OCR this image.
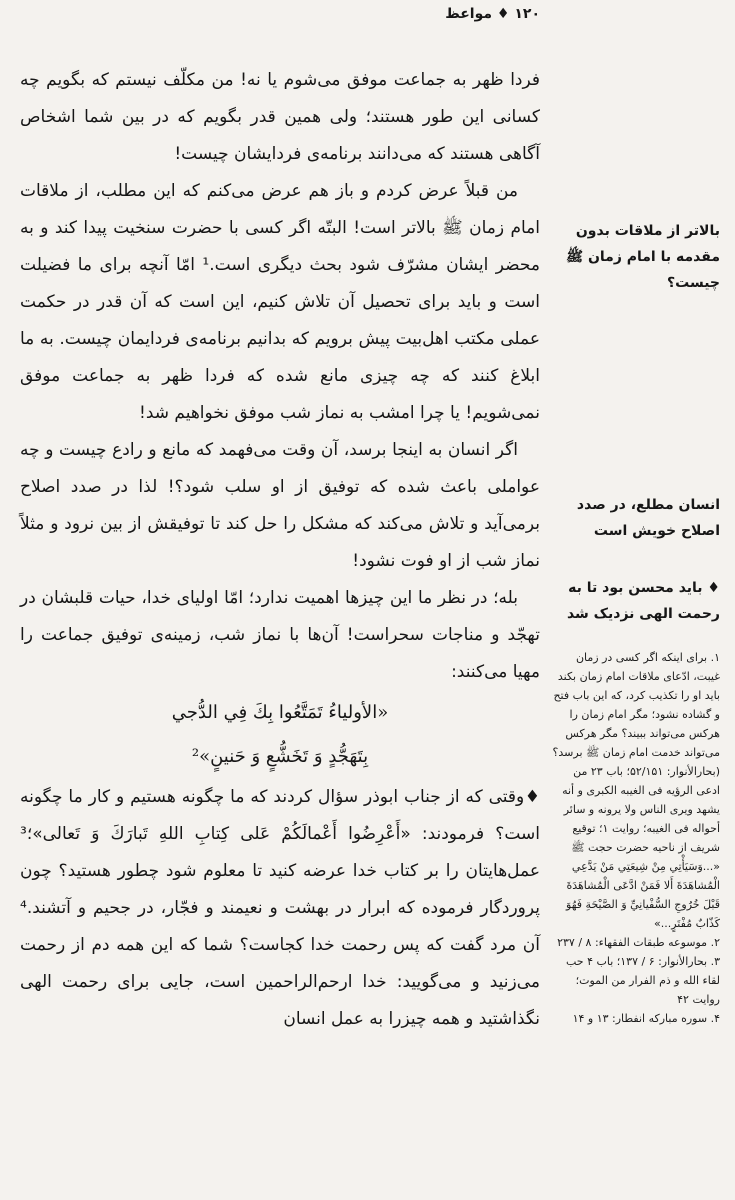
۱۲۰ ♦ مواعظ

فردا ظهر به جماعت موفق می‌شوم یا نه! من مکلّف نیستم که بگویم چه کسانی این طور هستند؛ ولی همین قدر بگویم که در بین شما اشخاص آگاهی هستند که می‌دانند برنامه‌ی فردایشان چیست!

من قبلاً عرض کردم و باز هم عرض می‌کنم که این مطلب، از ملاقات امام زمان ﷺ بالاتر است! البتّه اگر کسی با حضرت سنخیت پیدا کند و به محضر ایشان مشرّف شود بحث دیگری است.¹ امّا آنچه برای ما فضیلت است و باید برای تحصیل آن تلاش کنیم، این است که آن قدر در حکمت عملی مکتب اهل‌بیت پیش برویم که بدانیم برنامه‌ی فردایمان چیست. به ما ابلاغ کنند که چه چیزی مانع شده که فردا ظهر به جماعت موفق نمی‌شویم! یا چرا امشب به نماز شب موفق نخواهیم شد!

اگر انسان به اینجا برسد، آن وقت می‌فهمد که مانع و رادع چیست و چه عواملی باعث شده که توفیق از او سلب شود؟! لذا در صدد اصلاح برمی‌آید و تلاش می‌کند که مشکل را حل کند تا توفیقش از بین نرود و مثلاً نماز شب از او فوت نشود!

بله؛ در نظر ما این چیزها اهمیت ندارد؛ امّا اولیای خدا، حیات قلبشان در تهجّد و مناجات سحراست! آن‌ها با نماز شب، زمینه‌ی توفیق جماعت را مهیا می‌کنند:

«الأولياءُ تَمَتَّعُوا بِكَ فِي الدُّجي
بِتَهَجُّدٍ وَ تَخَشُّعٍ وَ حَنينٍ»²

♦وقتی که از جناب ابوذر سؤال کردند که ما چگونه هستیم و کار ما چگونه است؟ فرمودند: «أَعْرِضُوا أَعْمالَكُمْ عَلى كِتابِ اللهِ تَبارَكَ وَ تَعالى»؛³ عمل‌هایتان را بر کتاب خدا عرضه کنید تا معلوم شود چطور هستید؟ چون پروردگار فرموده که ابرار در بهشت و نعیمند و فجّار، در جحیم و آتشند.⁴ آن مرد گفت که پس رحمت خدا کجاست؟ شما که این همه دم از رحمت می‌زنید و می‌گویید: خدا ارحم‌الراحمین است، جایی برای رحمت الهی نگذاشتید و همه چیزرا به عمل انسان

بالاتر از ملاقات بدون مقدمه با امام زمان ﷺ چیست؟
انسان مطلع، در صدد اصلاح خویش است
♦ باید محسن بود تا به رحمت الهی نزدیک شد
۱. برای اینکه اگر کسی در زمان غیبت، ادّعای ملاقات امام زمان بکند باید او را تکذیب کرد، که این باب فتح و گشاده نشود؛ مگر امام زمان را هرکس می‌تواند ببیند؟ مگر هرکس می‌تواند خدمت امام زمان ﷺ برسد؟ (بحارالأنوار: ۵۲/۱۵۱؛ باب ۲۳ من ادعی الرؤیه فی الغیبه الکبری و أنه یشهد ویری الناس ولا یرونه و سائر أحواله فی الغیبه؛ روایت ۱؛ توقیع شریف از ناحیه حضرت حجت ﷺ
«...وَسَيَأْتِي مِنْ شِيعَتِي مَنْ يَدَّعِي الْمُشاهَدَةَ أَلا فَمَنْ ادَّعَى الْمُشاهَدَةَ قَبْلَ خُرُوجِ السُّفْيانِيِّ وَ الصَّيْحَةِ فَهُوَ كَذّابٌ مُفْتَرٍ...»
۲. موسوعه طبقات الفقهاء: ۸ / ۲۳۷
۳. بحارالأنوار: ۶ / ۱۳۷؛ باب ۴ حب لقاء الله و ذم الفرار من الموت؛ روایت ۴۲
۴. سوره مبارکه انفطار: ۱۳ و ۱۴
